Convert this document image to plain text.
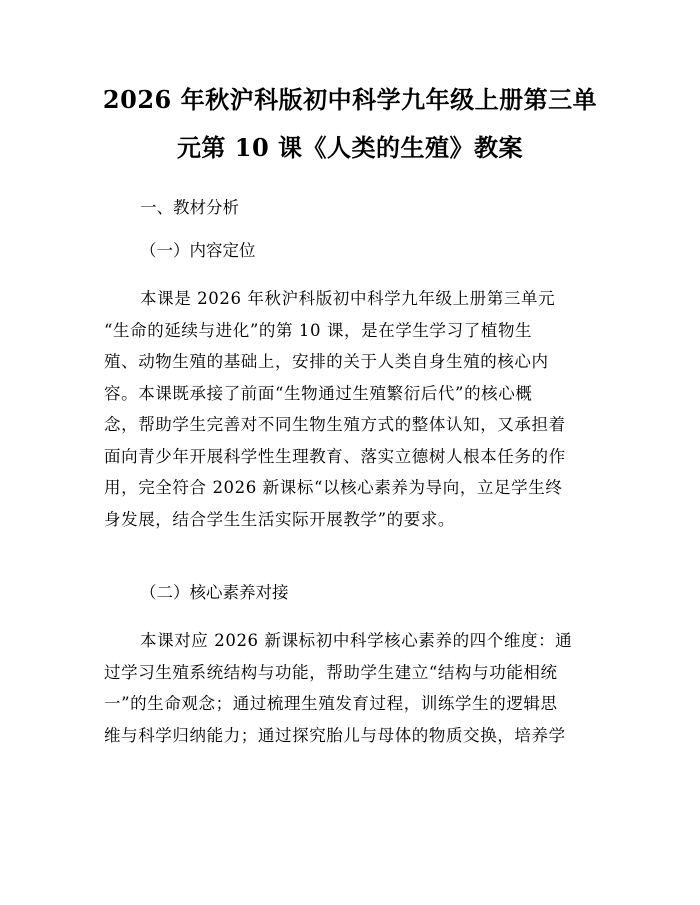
2026 年秋沪科版初中科学九年级上册第三单
元第 10 课《人类的生殖》教案
一、教材分析
（一）内容定位
本课是 2026 年秋沪科版初中科学九年级上册第三单元
“生命的延续与进化”的第 10 课，是在学生学习了植物生
殖、动物生殖的基础上，安排的关于人类自身生殖的核心内
容。本课既承接了前面“生物通过生殖繁衍后代”的核心概
念，帮助学生完善对不同生物生殖方式的整体认知，又承担着
面向青少年开展科学性生理教育、落实立德树人根本任务的作
用，完全符合 2026 新课标“以核心素养为导向，立足学生终
身发展，结合学生生活实际开展教学”的要求。
（二）核心素养对接
本课对应 2026 新课标初中科学核心素养的四个维度：通
过学习生殖系统结构与功能，帮助学生建立“结构与功能相统
一”的生命观念；通过梳理生殖发育过程，训练学生的逻辑思
维与科学归纳能力；通过探究胎儿与母体的物质交换，培养学
